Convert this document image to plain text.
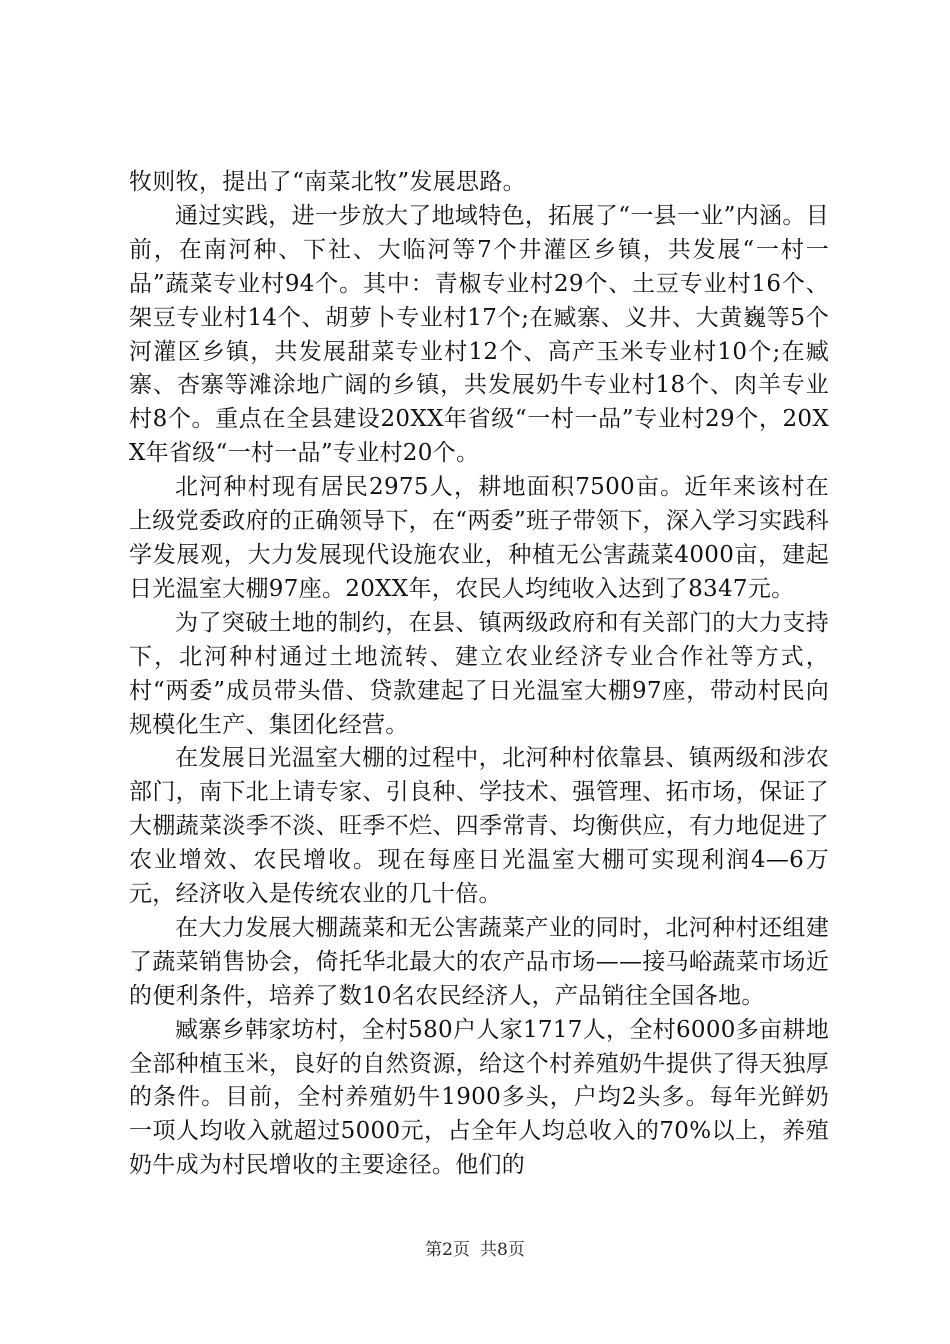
牧则牧，提出了“南菜北牧”发展思路。

通过实践，进一步放大了地域特色，拓展了“一县一业”内涵。目前，在南河种、下社、大临河等7个井灌区乡镇，共发展“一村一品”蔬菜专业村94个。其中：青椒专业村29个、土豆专业村16个、架豆专业村14个、胡萝卜专业村17个;在臧寨、义井、大黄巍等5个河灌区乡镇，共发展甜菜专业村12个、高产玉米专业村10个;在臧寨、杏寨等滩涂地广阔的乡镇，共发展奶牛专业村18个、肉羊专业村8个。重点在全县建设20XX年省级“一村一品”专业村29个，20XX年省级“一村一品”专业村20个。

北河种村现有居民2975人，耕地面积7500亩。近年来该村在上级党委政府的正确领导下，在“两委”班子带领下，深入学习实践科学发展观，大力发展现代设施农业，种植无公害蔬菜4000亩，建起日光温室大棚97座。20XX年，农民人均纯收入达到了8347元。

为了突破土地的制约，在县、镇两级政府和有关部门的大力支持下，北河种村通过土地流转、建立农业经济专业合作社等方式，村“两委”成员带头借、贷款建起了日光温室大棚97座，带动村民向规模化生产、集团化经营。

在发展日光温室大棚的过程中，北河种村依靠县、镇两级和涉农部门，南下北上请专家、引良种、学技术、强管理、拓市场，保证了大棚蔬菜淡季不淡、旺季不烂、四季常青、均衡供应，有力地促进了农业增效、农民增收。现在每座日光温室大棚可实现利润4—6万元，经济收入是传统农业的几十倍。

在大力发展大棚蔬菜和无公害蔬菜产业的同时，北河种村还组建了蔬菜销售协会，倚托华北最大的农产品市场——接马峪蔬菜市场近的便利条件，培养了数10名农民经济人，产品销往全国各地。

臧寨乡韩家坊村，全村580户人家1717人，全村6000多亩耕地全部种植玉米，良好的自然资源，给这个村养殖奶牛提供了得天独厚的条件。目前，全村养殖奶牛1900多头，户均2头多。每年光鲜奶一项人均收入就超过5000元，占全年人均总收入的70%以上，养殖奶牛成为村民增收的主要途径。他们的

第2页 共8页
